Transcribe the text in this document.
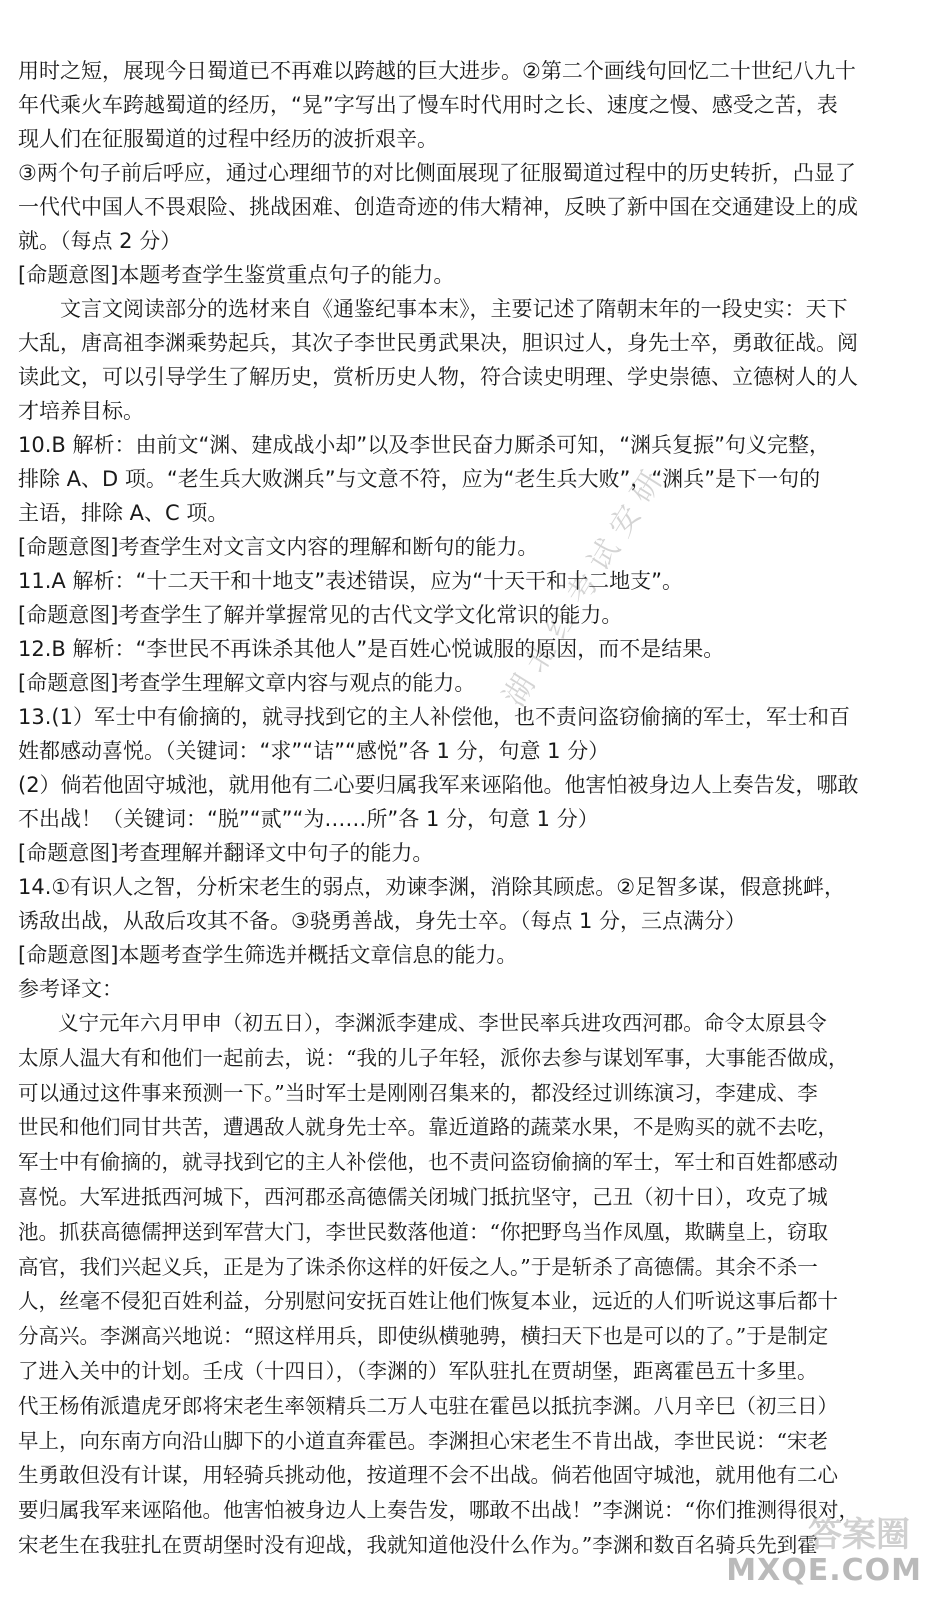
用时之短，展现今日蜀道已不再难以跨越的巨大进步。②第二个画线句回忆二十世纪八九十
年代乘火车跨越蜀道的经历，“晃”字写出了慢车时代用时之长、速度之慢、感受之苦，表
现人们在征服蜀道的过程中经历的波折艰辛。
③两个句子前后呼应，通过心理细节的对比侧面展现了征服蜀道过程中的历史转折，凸显了
一代代中国人不畏艰险、挑战困难、创造奇迹的伟大精神，反映了新中国在交通建设上的成
就。（每点 2 分）
[命题意图]本题考查学生鉴赏重点句子的能力。
文言文阅读部分的选材来自《通鉴纪事本末》，主要记述了隋朝末年的一段史实：天下
大乱，唐高祖李渊乘势起兵，其次子李世民勇武果决，胆识过人，身先士卒，勇敢征战。阅
读此文，可以引导学生了解历史，赏析历史人物，符合读史明理、学史崇德、立德树人的人
才培养目标。
10.B 解析：由前文“渊、建成战小却”以及李世民奋力厮杀可知，“渊兵复振”句义完整，
排除 A、D 项。“老生兵大败渊兵”与文意不符，应为“老生兵大败”，“渊兵”是下一句的
主语，排除 A、C 项。
[命题意图]考查学生对文言文内容的理解和断句的能力。
11.A 解析：“十二天干和十地支”表述错误，应为“十天干和十二地支”。
[命题意图]考查学生了解并掌握常见的古代文学文化常识的能力。
12.B 解析：“李世民不再诛杀其他人”是百姓心悦诚服的原因，而不是结果。
[命题意图]考查学生理解文章内容与观点的能力。
13.(1）军士中有偷摘的，就寻找到它的主人补偿他，也不责问盗窃偷摘的军士，军士和百
姓都感动喜悦。（关键词：“求”“诘”“感悦”各 1 分，句意 1 分）
(2）倘若他固守城池，就用他有二心要归属我军来诬陷他。他害怕被身边人上奏告发，哪敢
不出战！（关键词：“脱”“贰”“为……所”各 1 分，句意 1 分）
[命题意图]考查理解并翻译文中句子的能力。
14.①有识人之智，分析宋老生的弱点，劝谏李渊，消除其顾虑。②足智多谋，假意挑衅，
诱敌出战，从敌后攻其不备。③骁勇善战，身先士卒。（每点 1 分，三点满分）
[命题意图]本题考查学生筛选并概括文章信息的能力。
参考译文：
义宁元年六月甲申（初五日），李渊派李建成、李世民率兵进攻西河郡。命令太原县令
太原人温大有和他们一起前去，说：“我的儿子年轻，派你去参与谋划军事，大事能否做成，
可以通过这件事来预测一下。”当时军士是刚刚召集来的，都没经过训练演习，李建成、李
世民和他们同甘共苦，遭遇敌人就身先士卒。靠近道路的蔬菜水果，不是购买的就不去吃，
军士中有偷摘的，就寻找到它的主人补偿他，也不责问盗窃偷摘的军士，军士和百姓都感动
喜悦。大军进抵西河城下，西河郡丞高德儒关闭城门抵抗坚守，己丑（初十日），攻克了城
池。抓获高德儒押送到军营大门，李世民数落他道：“你把野鸟当作凤凰，欺瞒皇上，窃取
高官，我们兴起义兵，正是为了诛杀你这样的奸佞之人。”于是斩杀了高德儒。其余不杀一
人，丝毫不侵犯百姓利益，分别慰问安抚百姓让他们恢复本业，远近的人们听说这事后都十
分高兴。李渊高兴地说：“照这样用兵，即使纵横驰骋，横扫天下也是可以的了。”于是制定
了进入关中的计划。壬戌（十四日），（李渊的）军队驻扎在贾胡堡，距离霍邑五十多里。
代王杨侑派遣虎牙郎将宋老生率领精兵二万人屯驻在霍邑以抵抗李渊。八月辛巳（初三日）
早上，向东南方向沿山脚下的小道直奔霍邑。李渊担心宋老生不肯出战，李世民说：“宋老
生勇敢但没有计谋，用轻骑兵挑动他，按道理不会不出战。倘若他固守城池，就用他有二心
要归属我军来诬陷他。他害怕被身边人上奏告发，哪敢不出战！”李渊说：“你们推测得很对，
宋老生在我驻扎在贾胡堡时没有迎战，我就知道他没什么作为。”李渊和数百名骑兵先到霍
湖北红考试安研
答案圈
MXQE.COM
